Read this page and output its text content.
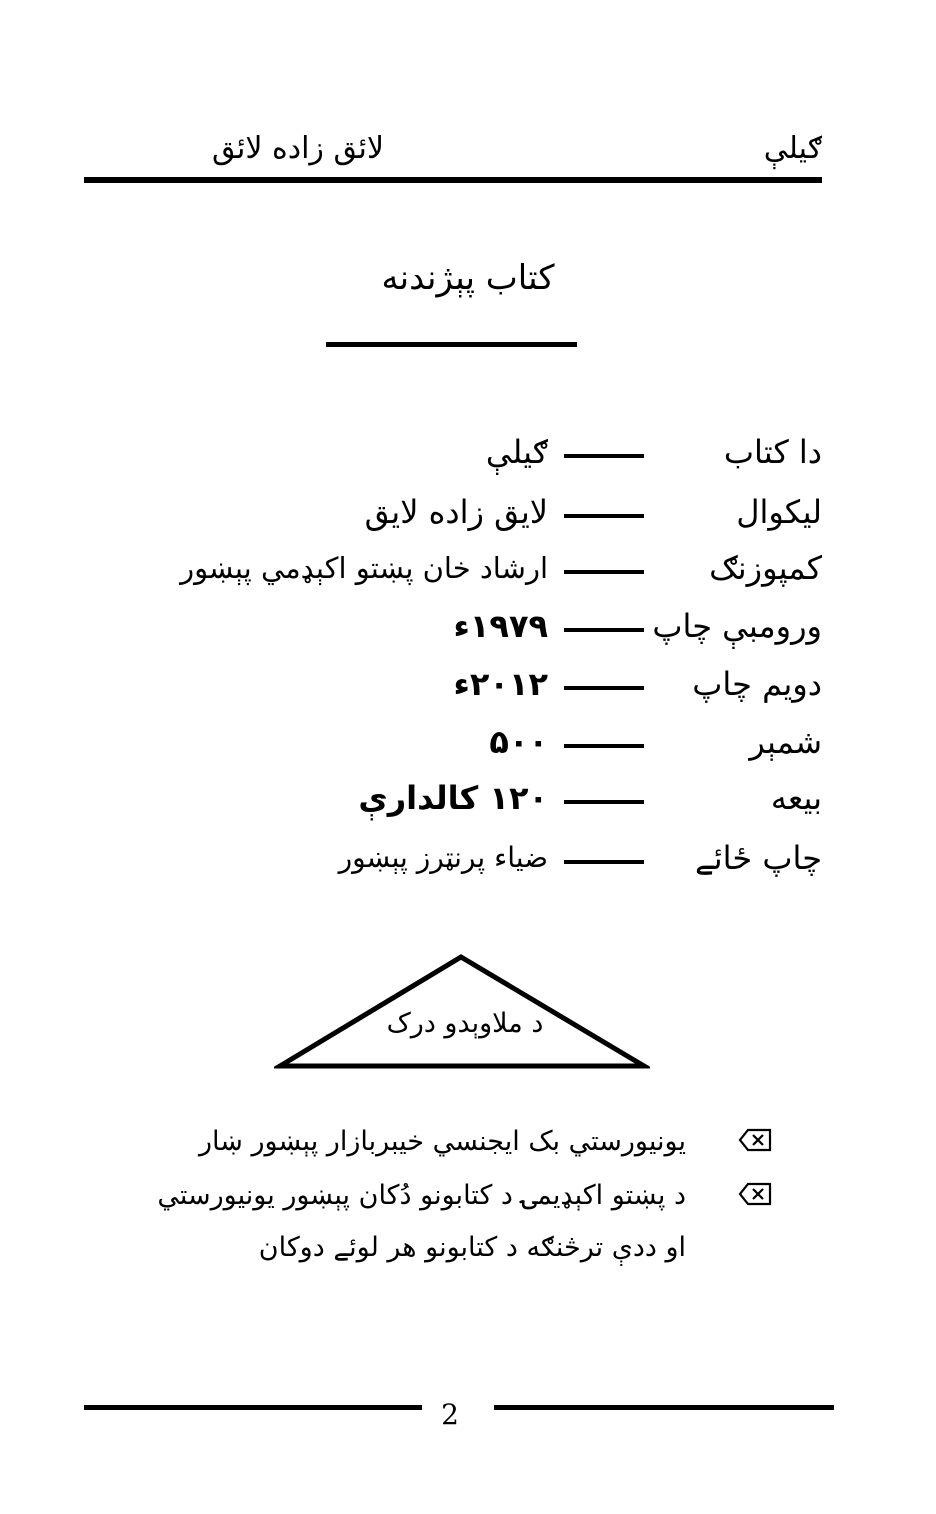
ګيلې
لائق زاده لائق
کتاب پېژندنه
دا کتاب
ګيلې
ليکوال
لايق زاده لايق
کمپوزنګ
ارشاد خان پښتو اکېډمي پېښور
ورومبې چاپ
۱۹۷۹ء
دويم چاپ
۲۰۱۲ء
شمېر
۵۰۰
بيعه
۱۲۰ کالدارې
چاپ ځائے
ضياء پرنټرز پېښور
د ملاوېدو درک
يونيورستي بک ايجنسي خيبربازار پېښور ښار
د پښتو اکېډيمۍ د کتابونو دُکان پېښور يونيورستي
او ددې ترڅنګه د کتابونو هر لوئے دوکان
2
